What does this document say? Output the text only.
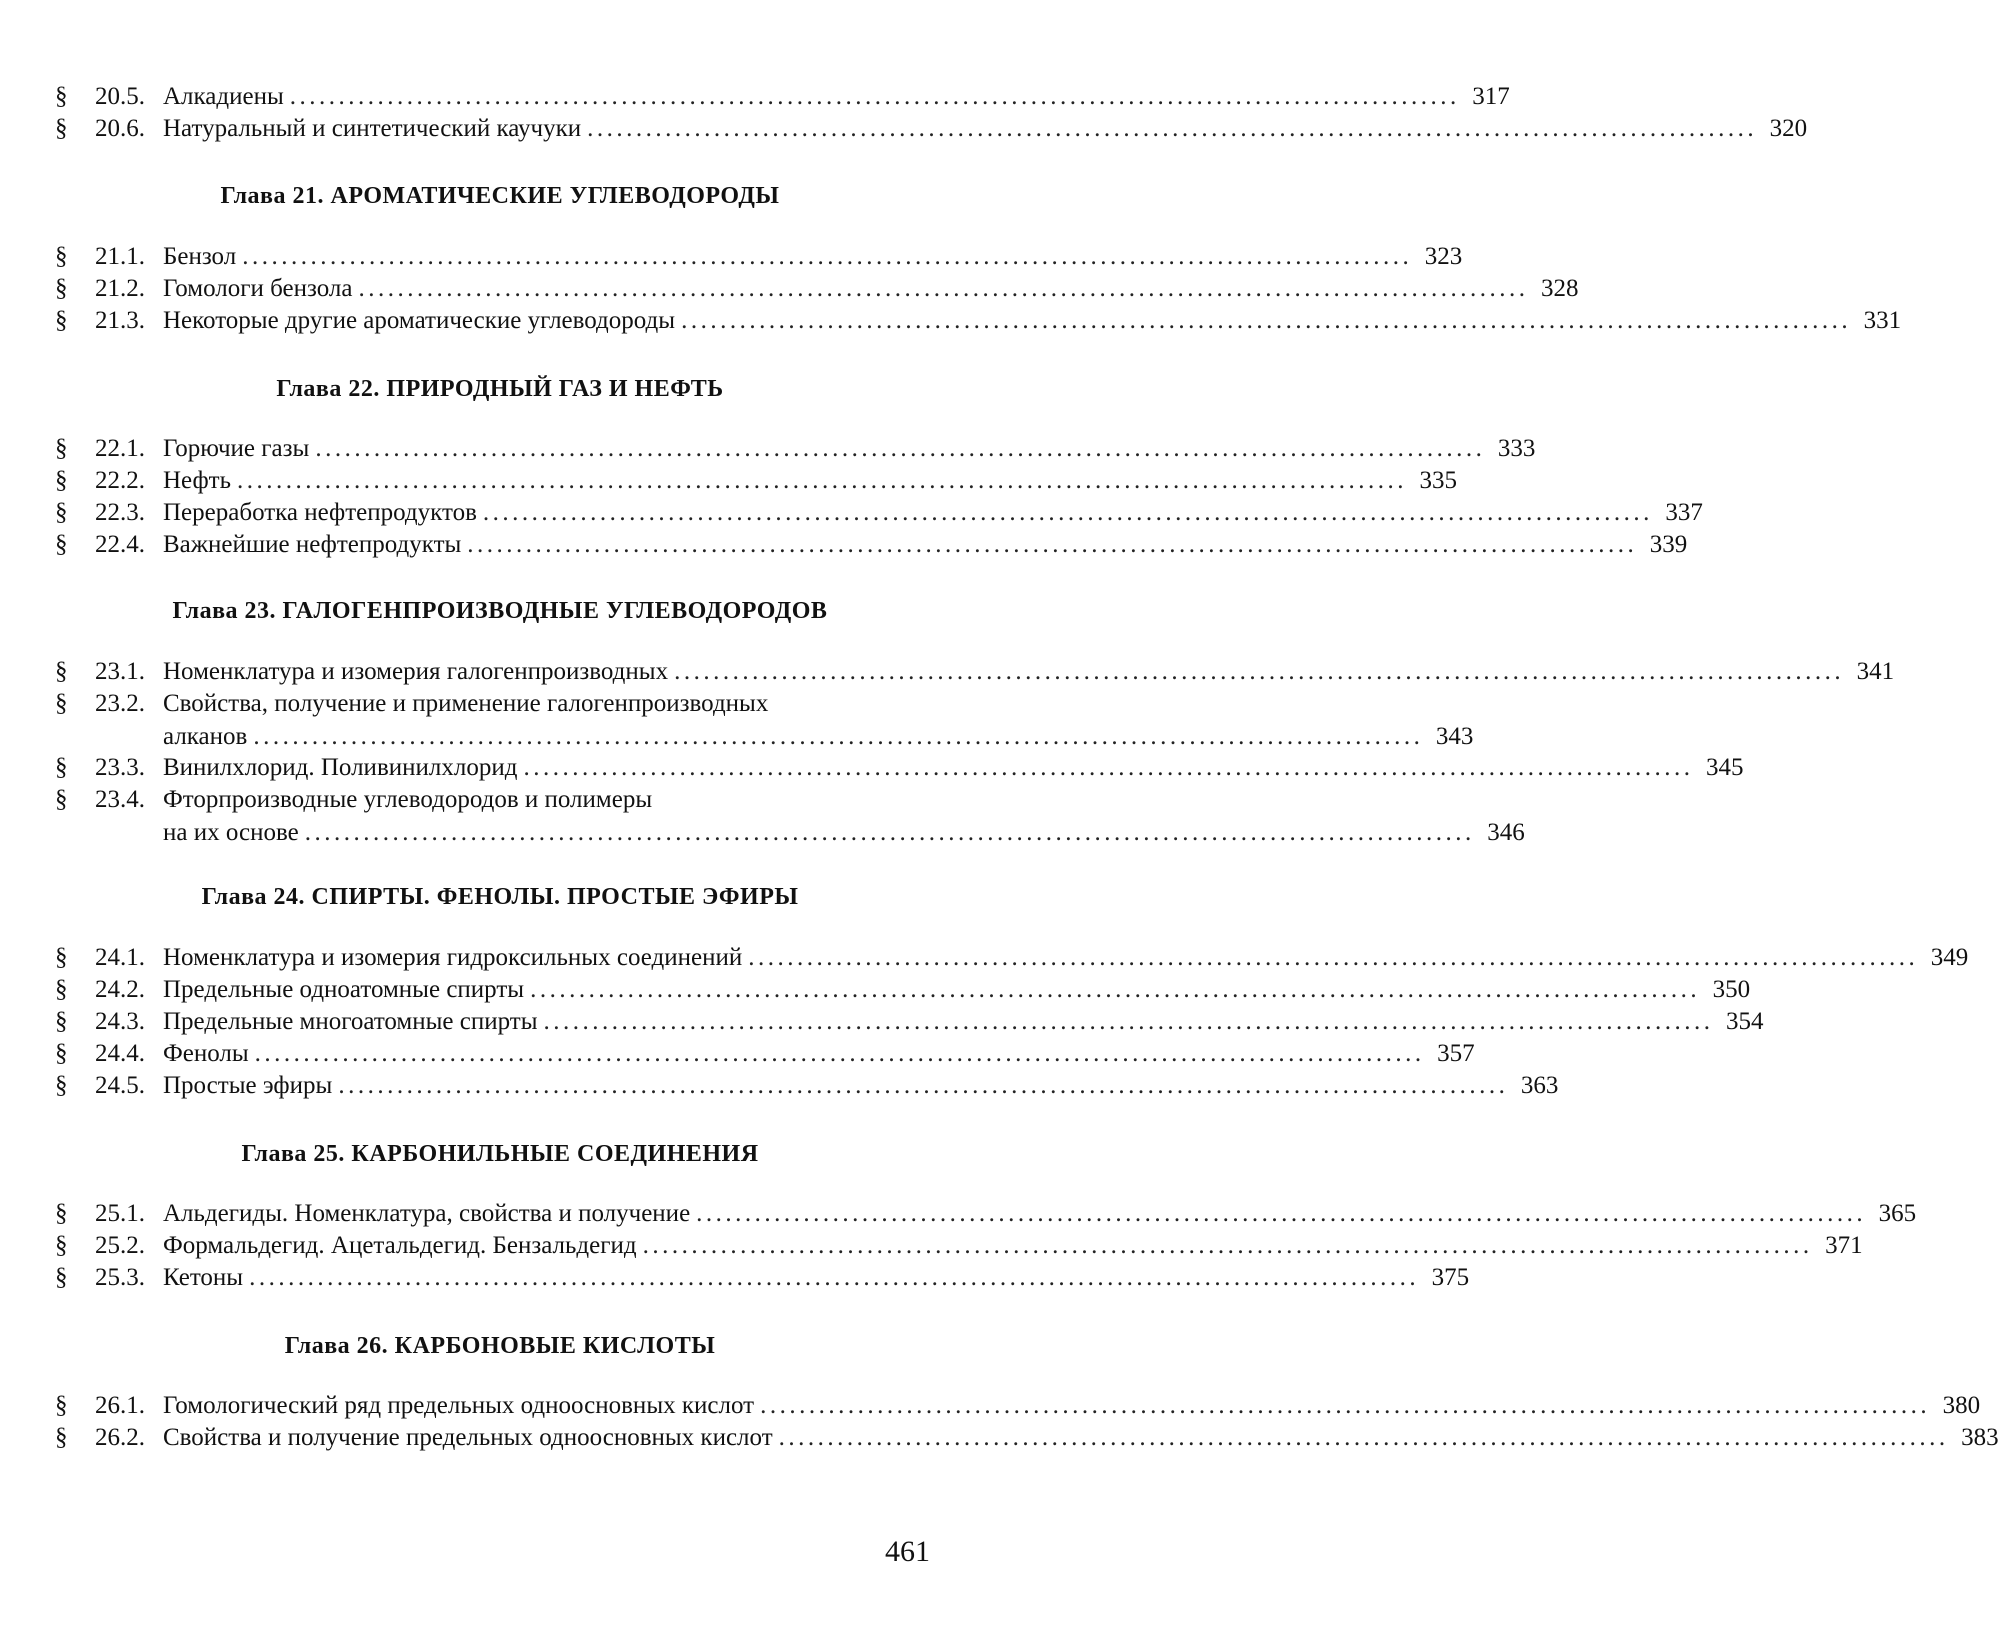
§	20.5. Алкадиены ........................................................................................................................ 317
§	20.6. Натуральный и синтетический каучуки ........................................................................................................................ 320
Глава 21. АРОМАТИЧЕСКИЕ УГЛЕВОДОРОДЫ
§	21.1. Бензол ........................................................................................................................ 323
§	21.2. Гомологи бензола ........................................................................................................................ 328
§	21.3. Некоторые другие ароматические углеводороды ........................................................................................................................ 331
Глава 22. ПРИРОДНЫЙ ГАЗ И НЕФТЬ
§	22.1. Горючие газы ........................................................................................................................ 333
§	22.2. Нефть ........................................................................................................................ 335
§	22.3. Переработка нефтепродуктов ........................................................................................................................ 337
§	22.4. Важнейшие нефтепродукты ........................................................................................................................ 339
Глава 23. ГАЛОГЕНПРОИЗВОДНЫЕ УГЛЕВОДОРОДОВ
§	23.1. Номенклатура и изомерия галогенпроизводных ........................................................................................................................ 341
§	23.2. Свойства, получение и применение галогенпроизводных
алканов ........................................................................................................................ 343
§	23.3. Винилхлорид. Поливинилхлорид ........................................................................................................................ 345
§	23.4. Фторпроизводные углеводородов и полимеры
на их основе ........................................................................................................................ 346
Глава 24. СПИРТЫ. ФЕНОЛЫ. ПРОСТЫЕ ЭФИРЫ
§	24.1. Номенклатура и изомерия гидроксильных соединений ........................................................................................................................ 349
§	24.2. Предельные одноатомные спирты ........................................................................................................................ 350
§	24.3. Предельные многоатомные спирты ........................................................................................................................ 354
§	24.4. Фенолы ........................................................................................................................ 357
§	24.5. Простые эфиры ........................................................................................................................ 363
Глава 25. КАРБОНИЛЬНЫЕ СОЕДИНЕНИЯ
§	25.1. Альдегиды. Номенклатура, свойства и получение ........................................................................................................................ 365
§	25.2. Формальдегид. Ацетальдегид. Бензальдегид ........................................................................................................................ 371
§	25.3. Кетоны ........................................................................................................................ 375
Глава 26. КАРБОНОВЫЕ КИСЛОТЫ
§	26.1. Гомологический ряд предельных одноосновных кислот ........................................................................................................................ 380
§	26.2. Свойства и получение предельных одноосновных кислот ........................................................................................................................ 383
461
